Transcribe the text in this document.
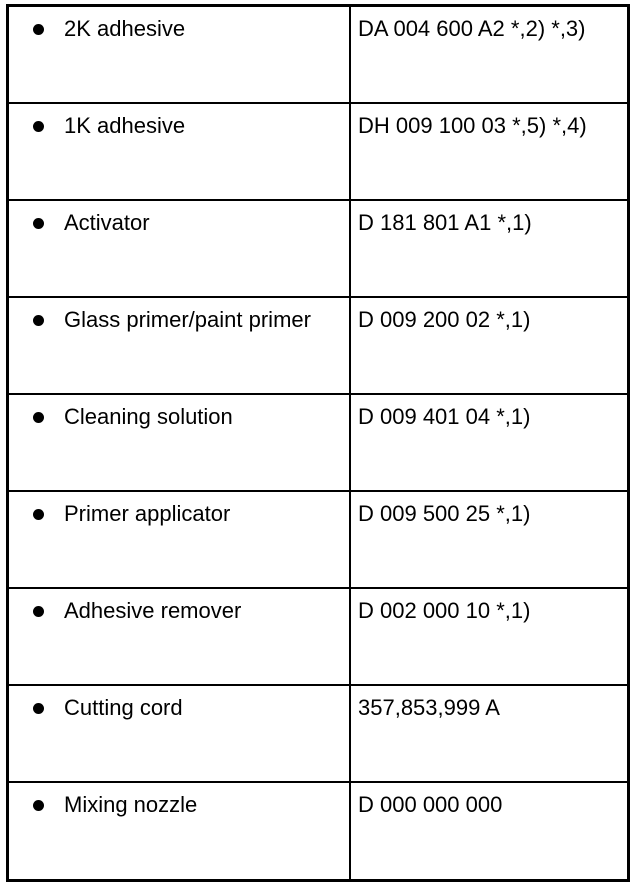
2K adhesive	DA 004 600 A2 *,2) *,3)
1K adhesive	DH 009 100 03 *,5) *,4)
Activator	D 181 801 A1 *,1)
Glass primer/paint primer D 009 200 02 *,1)
Cleaning solution	D 009 401 04 *,1)
Primer applicator	D 009 500 25 *,1)
Adhesive remover	D 002 000 10 *,1)
Cutting cord	357,853,999 A
Mixing nozzle	D 000 000 000
